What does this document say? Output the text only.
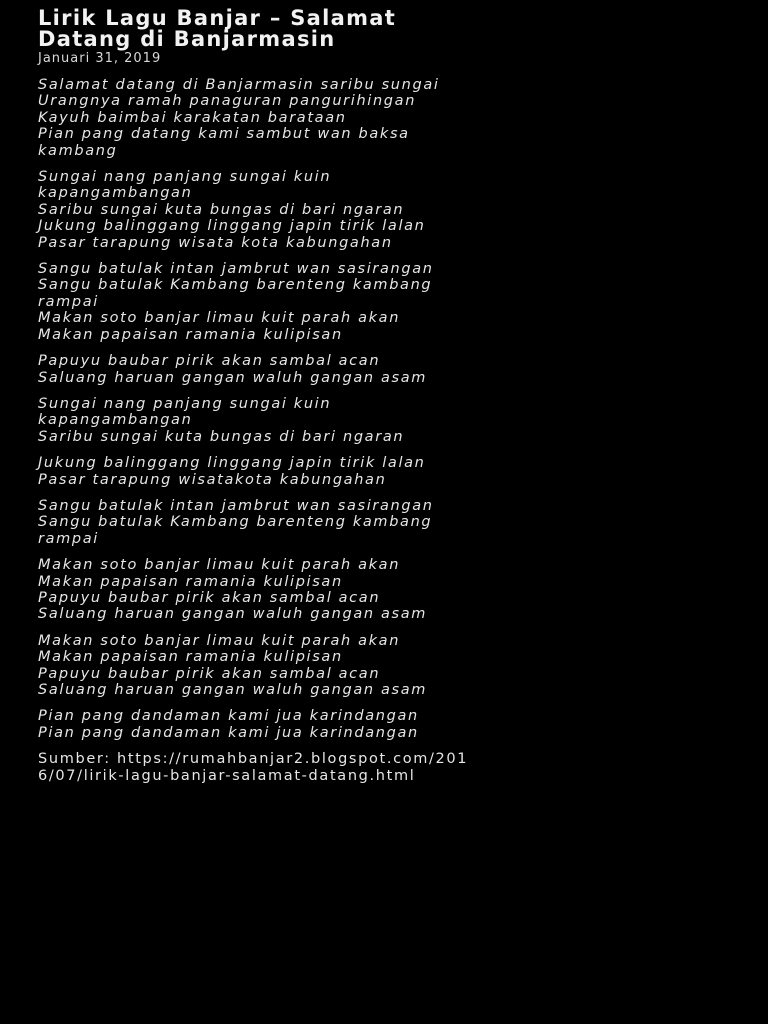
Lirik Lagu Banjar – Salamat
Datang di Banjarmasin
Januari 31, 2019
Salamat datang di Banjarmasin saribu sungai
Urangnya ramah panaguran pangurihingan
Kayuh baimbai karakatan barataan
Pian pang datang kami sambut wan baksa
kambang
Sungai nang panjang sungai kuin
kapangambangan
Saribu sungai kuta bungas di bari ngaran
Jukung balinggang linggang japin tirik lalan
Pasar tarapung wisata kota kabungahan
Sangu batulak intan jambrut wan sasirangan
Sangu batulak Kambang barenteng kambang
rampai
Makan soto banjar limau kuit parah akan
Makan papaisan ramania kulipisan
Papuyu baubar pirik akan sambal acan
Saluang haruan gangan waluh gangan asam
Sungai nang panjang sungai kuin
kapangambangan
Saribu sungai kuta bungas di bari ngaran
Jukung balinggang linggang japin tirik lalan
Pasar tarapung wisatakota kabungahan
Sangu batulak intan jambrut wan sasirangan
Sangu batulak Kambang barenteng kambang
rampai
Makan soto banjar limau kuit parah akan
Makan papaisan ramania kulipisan
Papuyu baubar pirik akan sambal acan
Saluang haruan gangan waluh gangan asam
Makan soto banjar limau kuit parah akan
Makan papaisan ramania kulipisan
Papuyu baubar pirik akan sambal acan
Saluang haruan gangan waluh gangan asam
Pian pang dandaman kami jua karindangan
Pian pang dandaman kami jua karindangan
Sumber: https://rumahbanjar2.blogspot.com/201
6/07/lirik-lagu-banjar-salamat-datang.html
